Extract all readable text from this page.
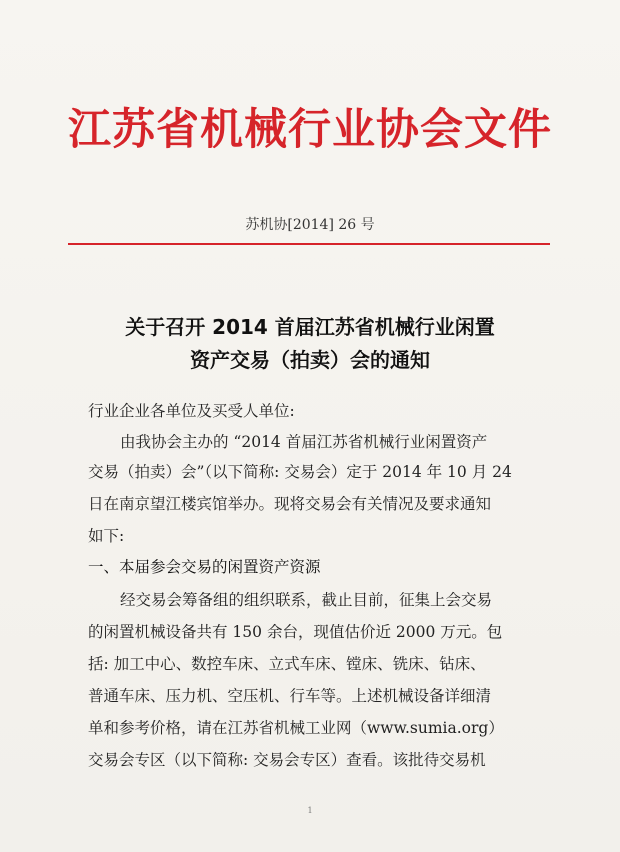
江苏省机械行业协会文件
苏机协[2014] 26 号
关于召开 2014 首届江苏省机械行业闲置
资产交易（拍卖）会的通知
行业企业各单位及买受人单位:
由我协会主办的 “2014 首届江苏省机械行业闲置资产
交易（拍卖）会”（以下简称: 交易会）定于 2014 年 10 月 24
日在南京望江楼宾馆举办。现将交易会有关情况及要求通知
如下:
一、本届参会交易的闲置资产资源
经交易会筹备组的组织联系，截止目前，征集上会交易
的闲置机械设备共有 150 余台，现值估价近 2000 万元。包
括: 加工中心、数控车床、立式车床、镗床、铣床、钻床、
普通车床、压力机、空压机、行车等。上述机械设备详细清
单和参考价格，请在江苏省机械工业网（www.sumia.org）
交易会专区（以下简称: 交易会专区）查看。该批待交易机
1
